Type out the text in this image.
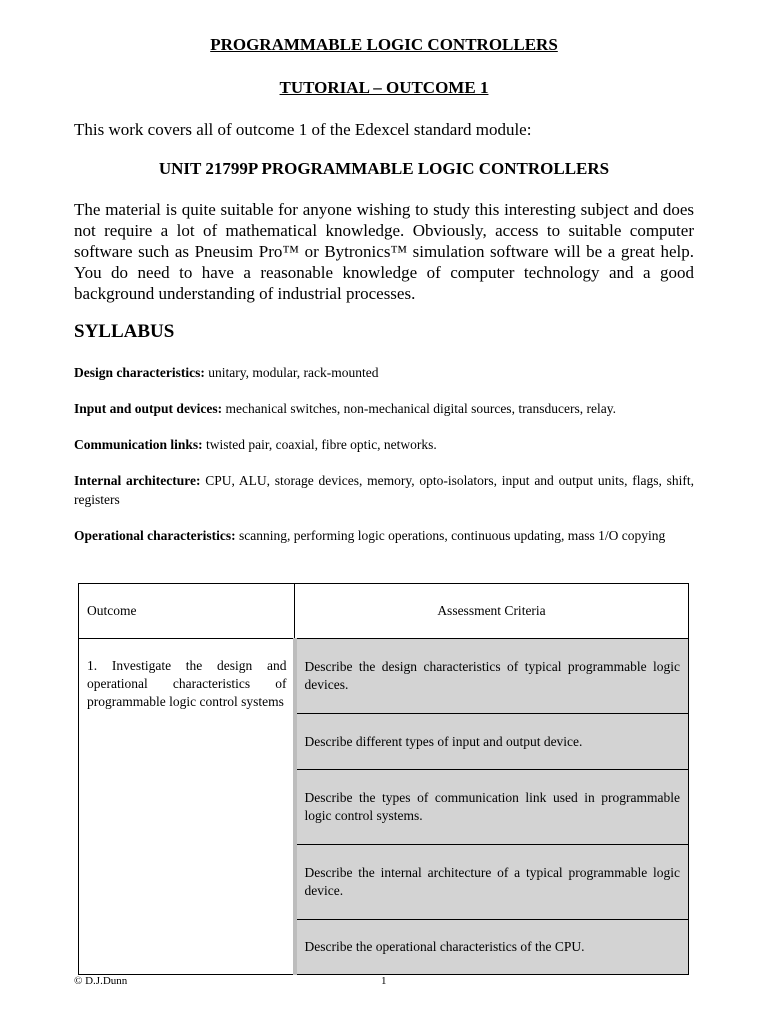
PROGRAMMABLE LOGIC CONTROLLERS
TUTORIAL – OUTCOME 1
This work covers all of outcome 1 of the Edexcel standard module:
UNIT 21799P PROGRAMMABLE LOGIC CONTROLLERS

The material is quite suitable for anyone wishing to study this interesting subject and does not require a lot of mathematical knowledge. Obviously, access to suitable computer software such as Pneusim Pro™ or Bytronics™ simulation software will be a great help. You do need to have a reasonable knowledge of computer technology and a good background understanding of industrial processes.

SYLLABUS

Design characteristics: unitary, modular, rack-mounted

Input and output devices: mechanical switches, non-mechanical digital sources, transducers, relay.

Communication links: twisted pair, coaxial, fibre optic, networks.

Internal architecture: CPU, ALU, storage devices, memory, opto-isolators, input and output units, flags, shift, registers

Operational characteristics: scanning, performing logic operations, continuous updating, mass 1/O copying

Outcome	Assessment Criteria
1. Investigate the design and operational characteristics of programmable logic control systems	Describe the design characteristics of typical programmable logic devices.

	Describe different types of input and output device.

	Describe the types of communication link used in programmable logic control systems.

	Describe the internal architecture of a typical programmable logic device.

	Describe the operational characteristics of the CPU.
© D.J.Dunn	1
